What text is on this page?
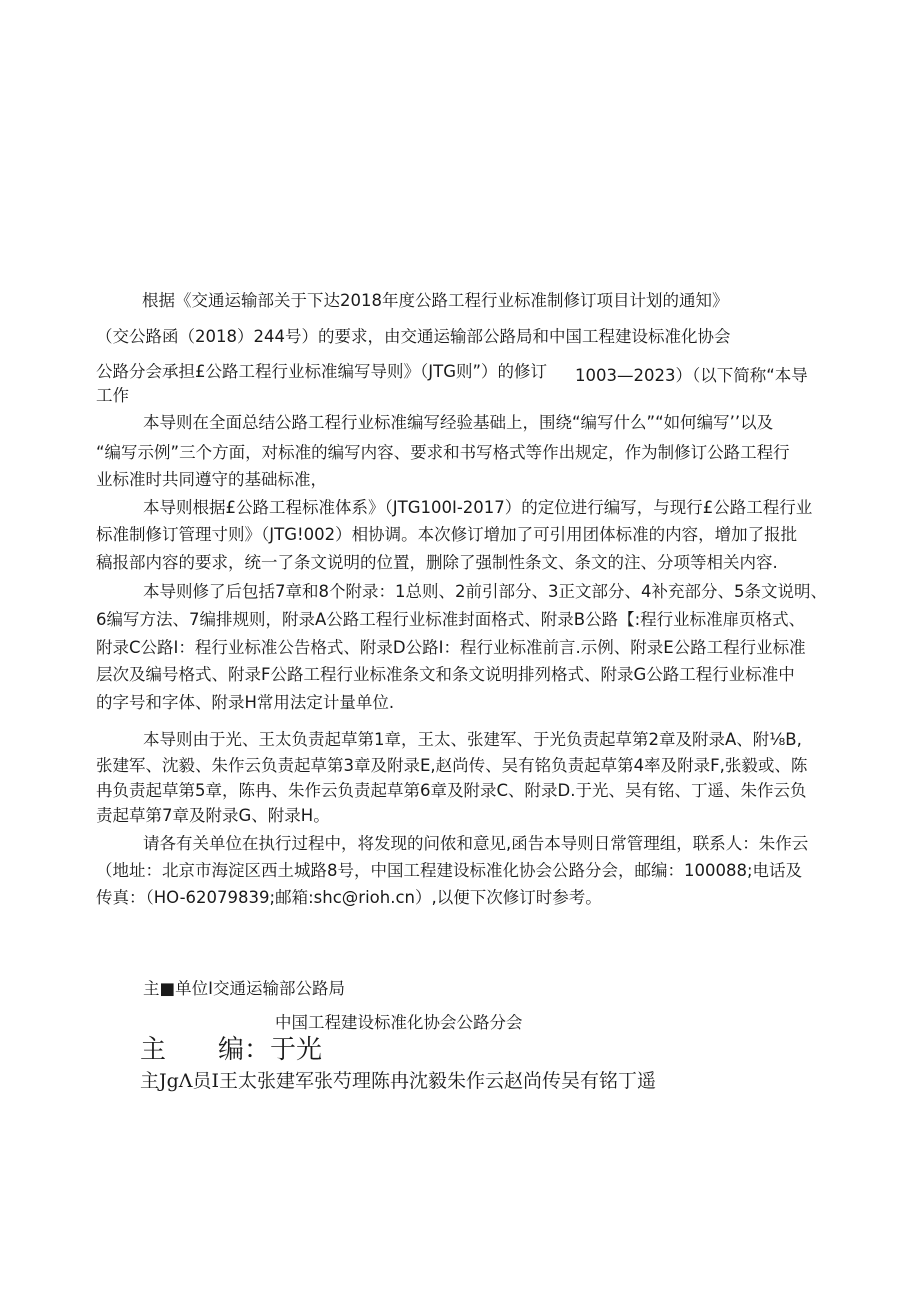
根据《交通运输部关于下达2018年度公路工程行业标准制修订项目计划的通知》
（交公路函（2018）244号）的要求，由交通运输部公路局和中国工程建设标准化协会
公路分会承担£公路工程行业标准编写导则》（JTG则”）的修订 1003—2023）（以下简称“本导
工作
本导则在全面总结公路工程行业标准编写经验基础上，围绕“编写什么”“如何编写’’以及
“编写示例”三个方面，对标准的编写内容、要求和书写格式等作出规定，作为制修订公路工程行
业标准时共同遵守的基础标准，
本导则根据£公路工程标准体系》（JTG100I-2017）的定位进行编写，与现行£公路工程行业
标准制修订管理寸则》（JTG!002）相协调。本次修订增加了可引用团体标准的内容，增加了报批
稿报部内容的要求，统一了条文说明的位置，删除了强制性条文、条文的注、分项等相关内容.
本导则修了后包括7章和8个附录：1总则、2前引部分、3正文部分、4补充部分、5条文说明、
6编写方法、7编排规则，附录A公路工程行业标准封面格式、附录B公路【:程行业标准扉页格式、
附录C公路I：程行业标准公告格式、附录D公路I：程行业标准前言.示例、附录E公路工程行业标准
层次及编号格式、附录F公路工程行业标准条文和条文说明排列格式、附录G公路工程行业标准中
的字号和字体、附录H常用法定计量单位.
本导则由于光、王太负责起草第1章，王太、张建军、于光负责起草第2章及附录A、附⅛B,
张建军、沈毅、朱作云负责起草第3章及附录E,赵尚传、吴有铭负责起草第4率及附录F,张毅或、陈
冉负责起草第5章，陈冉、朱作云负责起草第6章及附录C、附录D.于光、吴有铭、丁遥、朱作云负
责起草第7章及附录G、附录H。
请各有关单位在执行过程中，将发现的问侬和意见,函告本导则日常管理组，联系人：朱作云
（地址：北京市海淀区西土城路8号，中国工程建设标准化协会公路分会，邮编：100088;电话及
传真：（HO-62079839;邮箱:shc@rioh.cn）,以便下次修订时参考。
主■单位I交通运输部公路局
中国工程建设标准化协会公路分会
主　　编：于光
主JgΛ员I王太张建军张芍理陈冉沈毅朱作云赵尚传吴有铭丁遥
